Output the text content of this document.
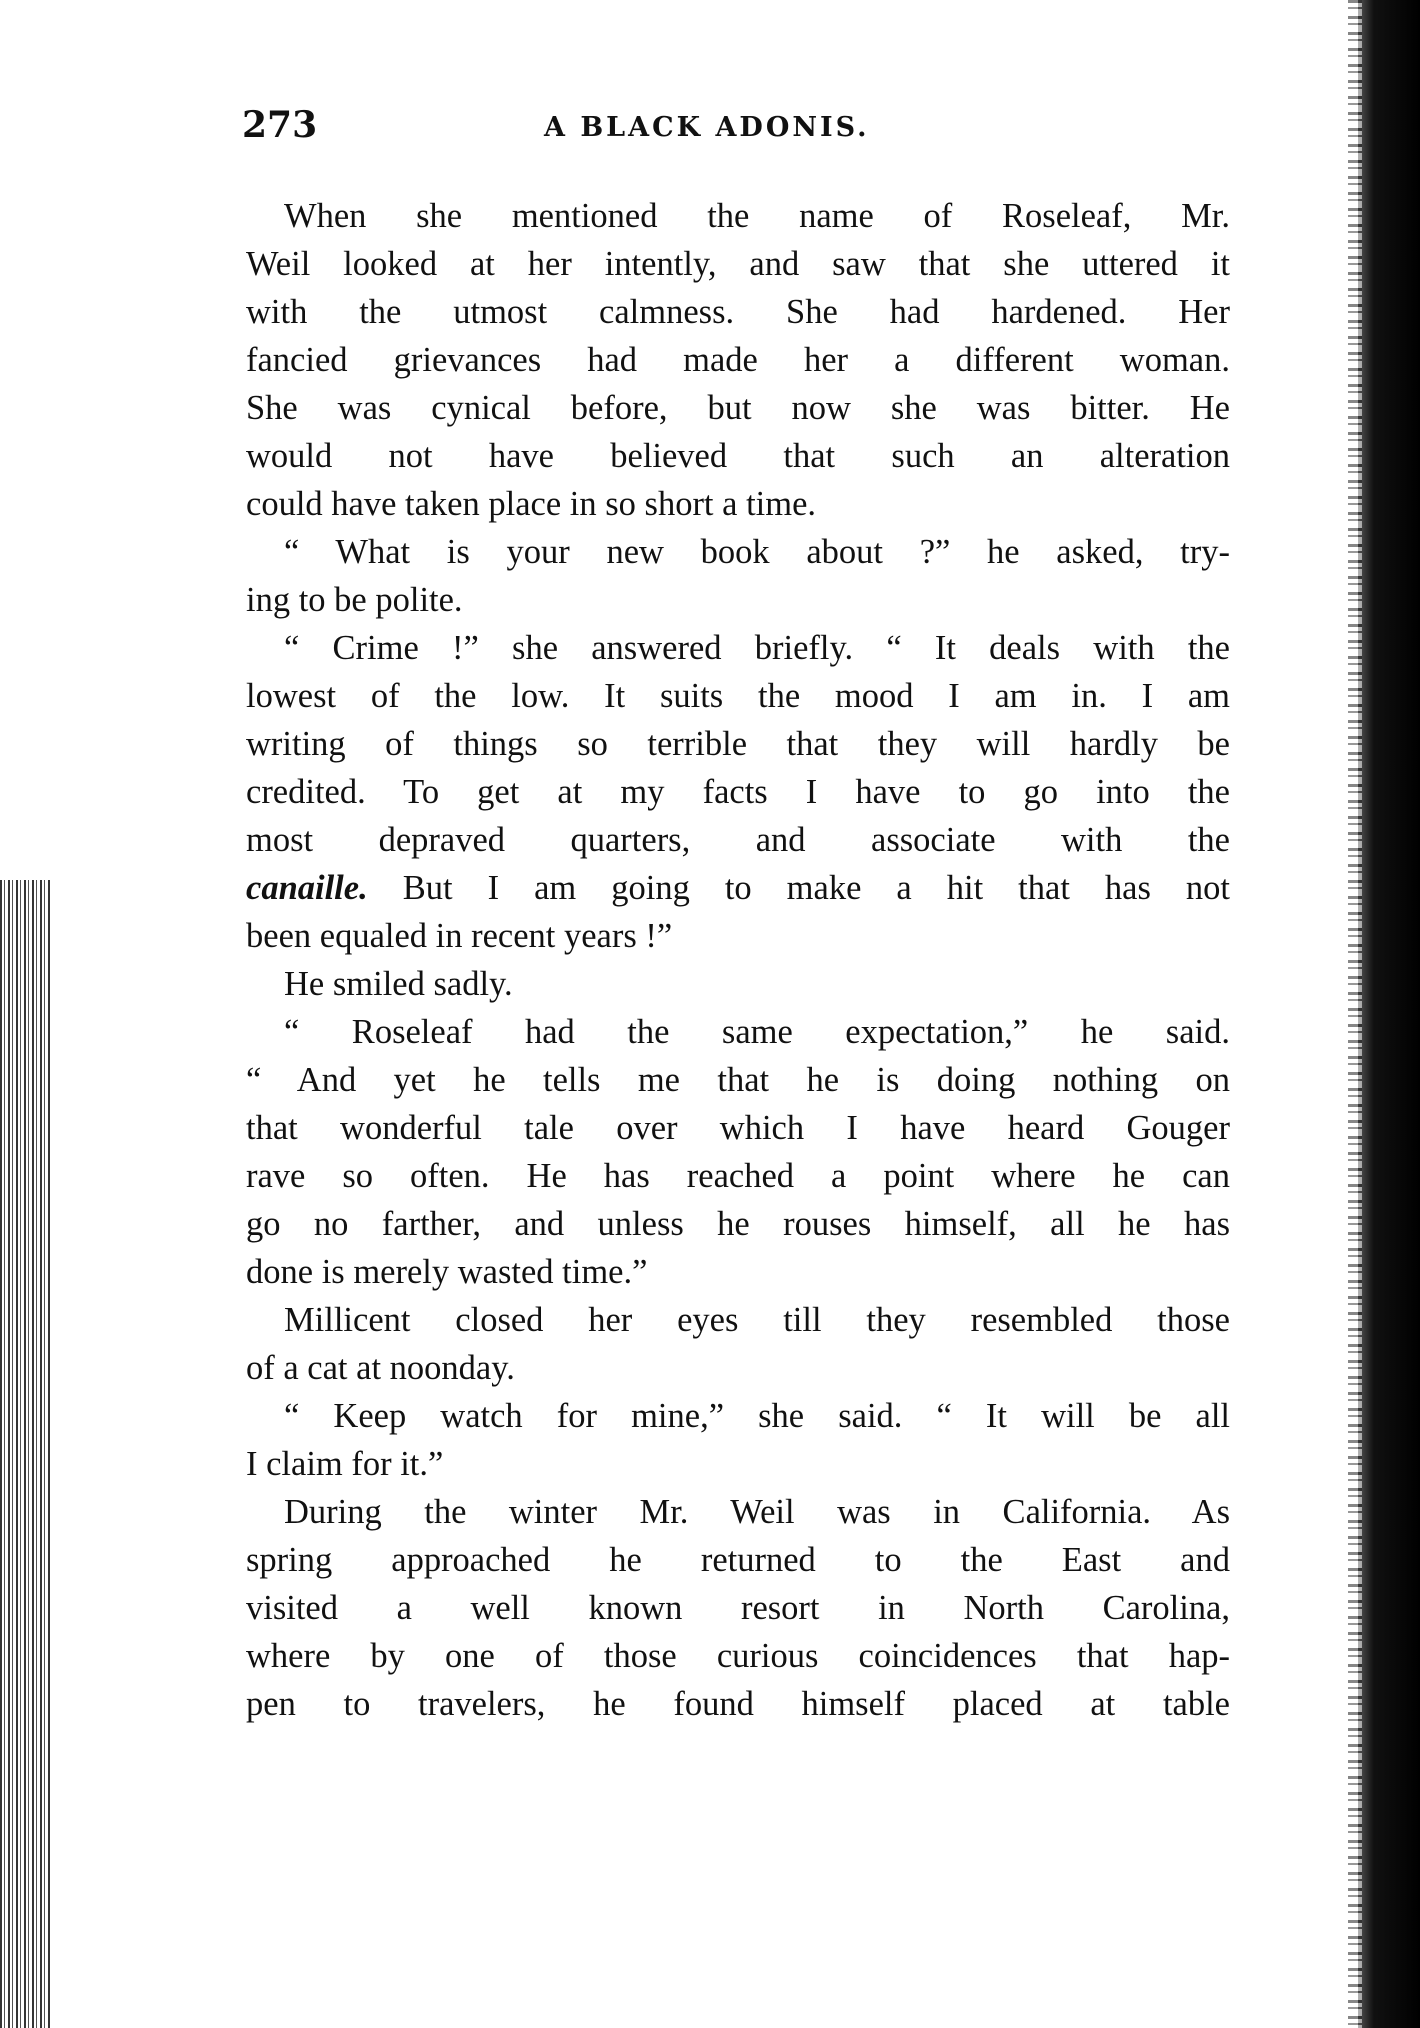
273	A BLACK ADONIS.
When she mentioned the name of Roseleaf, Mr.
Weil looked at her intently, and saw that she uttered it
with the utmost calmness. She had hardened. Her
fancied grievances had made her a different woman.
She was cynical before, but now she was bitter. He
would not have believed that such an alteration
could have taken place in so short a time.
“ What is your new book about ?” he asked, try-
ing to be polite.
“ Crime !” she answered briefly. “ It deals with the
lowest of the low. It suits the mood I am in. I am
writing of things so terrible that they will hardly be
credited. To get at my facts I have to go into the
most depraved quarters, and associate with the
canaille. But I am going to make a hit that has not
been equaled in recent years !”
He smiled sadly.
“ Roseleaf had the same expectation,” he said.
“ And yet he tells me that he is doing nothing on
that wonderful tale over which I have heard Gouger
rave so often. He has reached a point where he can
go no farther, and unless he rouses himself, all he has
done is merely wasted time.”
Millicent closed her eyes till they resembled those
of a cat at noonday.
“ Keep watch for mine,” she said. “ It will be all
I claim for it.”
During the winter Mr. Weil was in California. As
spring approached he returned to the East and
visited a well known resort in North Carolina,
where by one of those curious coincidences that hap-
pen to travelers, he found himself placed at table
